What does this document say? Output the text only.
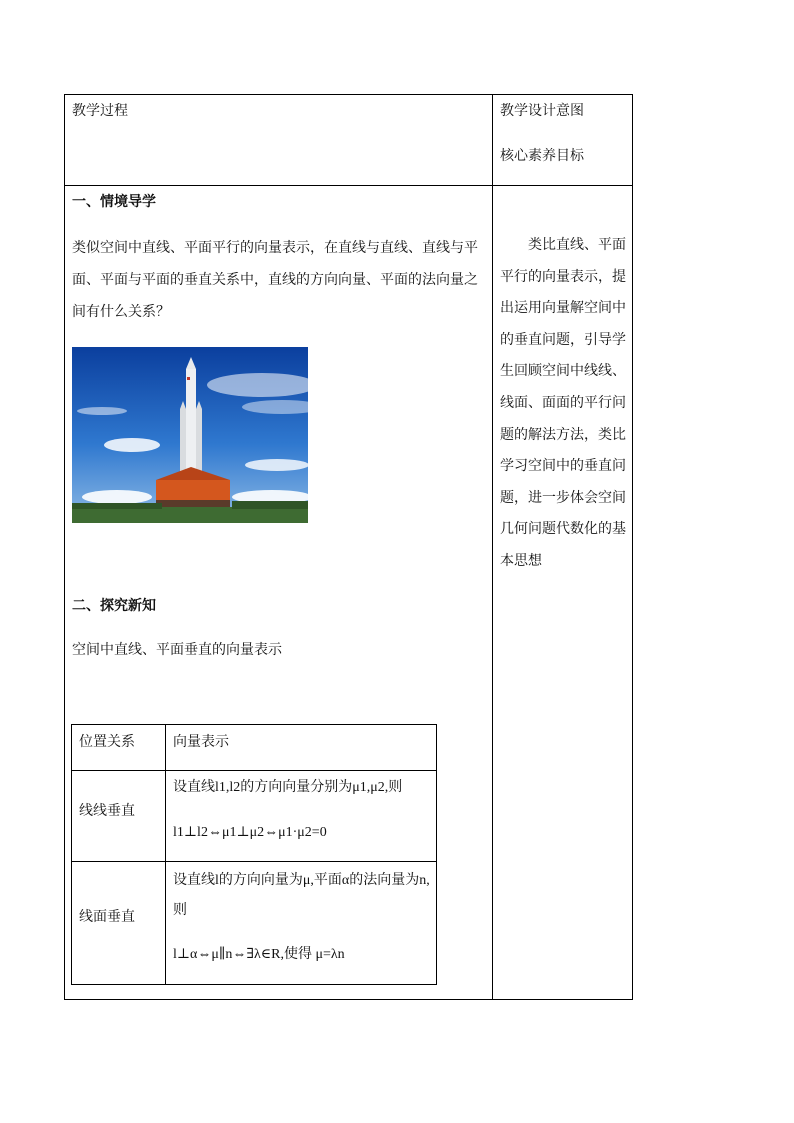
教学过程	教学设计意图
核心素养目标
一、情境导学
类似空间中直线、平面平行的向量表示，在直线与直线、直线与平面、平面与平面的垂直关系中，直线的方向向量、平面的法向量之间有什么关系？
二、探究新知
空间中直线、平面垂直的向量表示
类比直线、平面平行的向量表示，提出运用向量解空间中的垂直问题，引导学生回顾空间中线线、线面、面面的平行问题的解法方法，类比学习空间中的垂直问题，进一步体会空间几何问题代数化的基本思想
位置关系	向量表示
线线垂直
设直线l1,l2的方向向量分别为μ1,μ2,则
l1⊥l2⇔μ1⊥μ2⇔μ1·μ2=0
线面垂直
设直线l的方向向量为μ,平面α的法向量为n,则
l⊥α⇔μ∥n⇔∃λ∈R,使得 μ=λn
